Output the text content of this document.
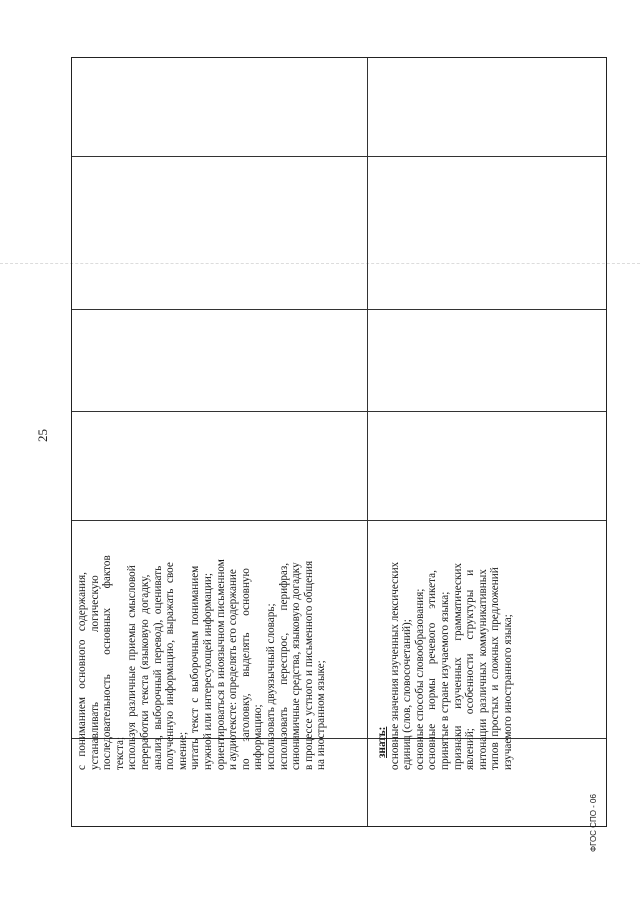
25

с   пониманием   основного   содержания, устанавливать                         логическую последовательность       основных       фактов текста; используя  различные  приемы  смысловой переработки  текста  (языковую  догадку, анализ,  выборочный  перевод),  оценивать полученную  информацию,  выражать  свое мнение; читать  текст  с  выборочным  пониманием нужной или интересующей информации; ориентироваться в иноязычном письменном и аудиотексте: определять его содержание по      заголовку,      выделять      основную информацию; использовать двуязычный словарь; использовать        переспрос,        перифраз, синонимичные средства, языковую догадку в процессе устного и письменного общения на иностранном языке;	знать: основные значения изученных лексических единиц (слов, словосочетаний); основные способы словообразования; основные     нормы     речевого     этикета, принятые в стране изучаемого языка; признаки      изученных      грамматических явлений;     особенности     структуры     и интонации  различных  коммуникативных типов  простых  и  сложных  предложений изучаемого иностранного языка;

ФГОС СПО - 06
